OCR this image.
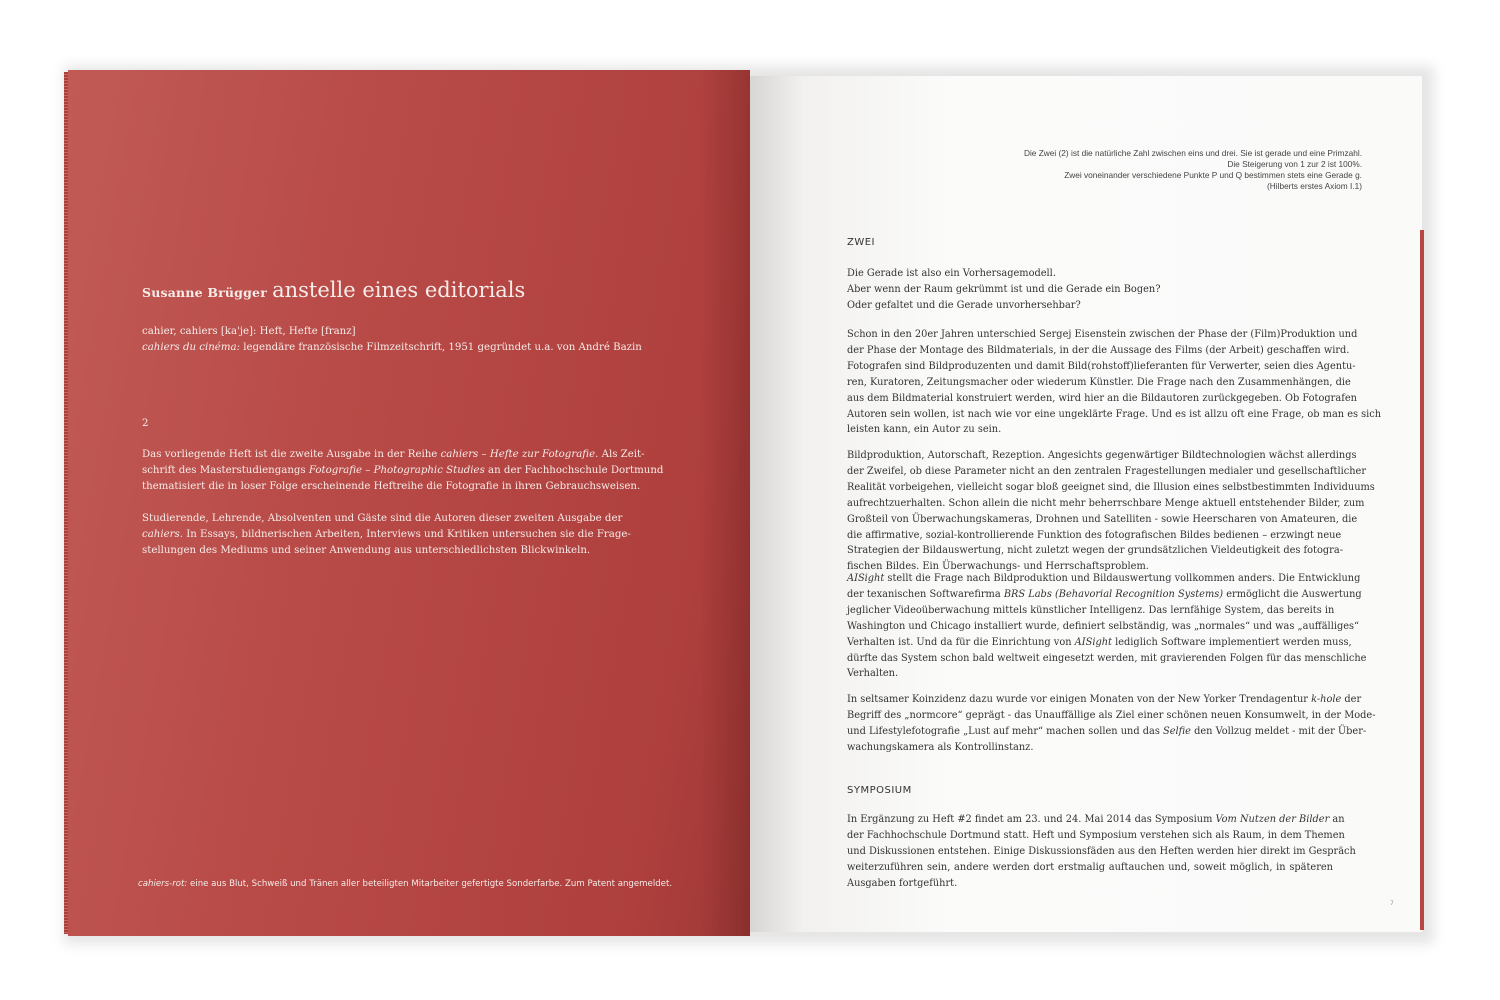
Susanne Brügger anstelle eines editorials
cahier, cahiers [ka'je]: Heft, Hefte [franz]
cahiers du cinéma: legendäre französische Filmzeitschrift, 1951 gegründet u.a. von André Bazin
2
Das vorliegende Heft ist die zweite Ausgabe in der Reihe cahiers – Hefte zur Fotografie. Als Zeit-
schrift des Masterstudiengangs Fotografie – Photographic Studies an der Fachhochschule Dortmund
thematisiert die in loser Folge erscheinende Heftreihe die Fotografie in ihren Gebrauchsweisen.
Studierende, Lehrende, Absolventen und Gäste sind die Autoren dieser zweiten Ausgabe der
cahiers. In Essays, bildnerischen Arbeiten, Interviews und Kritiken untersuchen sie die Frage-
stellungen des Mediums und seiner Anwendung aus unterschiedlichsten Blickwinkeln.
cahiers-rot: eine aus Blut, Schweiß und Tränen aller beteiligten Mitarbeiter gefertigte Sonderfarbe. Zum Patent angemeldet.
Die Zwei (2) ist die natürliche Zahl zwischen eins und drei. Sie ist gerade und eine Primzahl.
Die Steigerung von 1 zur 2 ist 100%.
Zwei voneinander verschiedene Punkte P und Q bestimmen stets eine Gerade g.
(Hilberts erstes Axiom I.1)
ZWEI
Die Gerade ist also ein Vorhersagemodell.
Aber wenn der Raum gekrümmt ist und die Gerade ein Bogen?
Oder gefaltet und die Gerade unvorhersehbar?
Schon in den 20er Jahren unterschied Sergej Eisenstein zwischen der Phase der (Film)Produktion und
der Phase der Montage des Bildmaterials, in der die Aussage des Films (der Arbeit) geschaffen wird.
Fotografen sind Bildproduzenten und damit Bild(rohstoff)lieferanten für Verwerter, seien dies Agentu-
ren, Kuratoren, Zeitungsmacher oder wiederum Künstler. Die Frage nach den Zusammenhängen, die
aus dem Bildmaterial konstruiert werden, wird hier an die Bildautoren zurückgegeben. Ob Fotografen
Autoren sein wollen, ist nach wie vor eine ungeklärte Frage. Und es ist allzu oft eine Frage, ob man es sich
leisten kann, ein Autor zu sein.
Bildproduktion, Autorschaft, Rezeption. Angesichts gegenwärtiger Bildtechnologien wächst allerdings
der Zweifel, ob diese Parameter nicht an den zentralen Fragestellungen medialer und gesellschaftlicher
Realität vorbeigehen, vielleicht sogar bloß geeignet sind, die Illusion eines selbstbestimmten Individuums
aufrechtzuerhalten. Schon allein die nicht mehr beherrschbare Menge aktuell entstehender Bilder, zum
Großteil von Überwachungskameras, Drohnen und Satelliten - sowie Heerscharen von Amateuren, die
die affirmative, sozial-kontrollierende Funktion des fotografischen Bildes bedienen – erzwingt neue
Strategien der Bildauswertung, nicht zuletzt wegen der grundsätzlichen Vieldeutigkeit des fotogra-
fischen Bildes. Ein Überwachungs- und Herrschaftsproblem.
AISight stellt die Frage nach Bildproduktion und Bildauswertung vollkommen anders. Die Entwicklung
der texanischen Softwarefirma BRS Labs (Behavorial Recognition Systems) ermöglicht die Auswertung
jeglicher Videoüberwachung mittels künstlicher Intelligenz. Das lernfähige System, das bereits in
Washington und Chicago installiert wurde, definiert selbständig, was „normales“ und was „auffälliges“
Verhalten ist. Und da für die Einrichtung von AISight lediglich Software implementiert werden muss,
dürfte das System schon bald weltweit eingesetzt werden, mit gravierenden Folgen für das menschliche
Verhalten.
In seltsamer Koinzidenz dazu wurde vor einigen Monaten von der New Yorker Trendagentur k-hole der
Begriff des „normcore“ geprägt - das Unauffällige als Ziel einer schönen neuen Konsumwelt, in der Mode-
und Lifestylefotografie „Lust auf mehr“ machen sollen und das Selfie den Vollzug meldet - mit der Über-
wachungskamera als Kontrollinstanz.
SYMPOSIUM
In Ergänzung zu Heft #2 findet am 23. und 24. Mai 2014 das Symposium Vom Nutzen der Bilder an
der Fachhochschule Dortmund statt. Heft und Symposium verstehen sich als Raum, in dem Themen
und Diskussionen entstehen. Einige Diskussionsfäden aus den Heften werden hier direkt im Gespräch
weiterzuführen sein, andere werden dort erstmalig auftauchen und, soweit möglich, in späteren
Ausgaben fortgeführt.
7
